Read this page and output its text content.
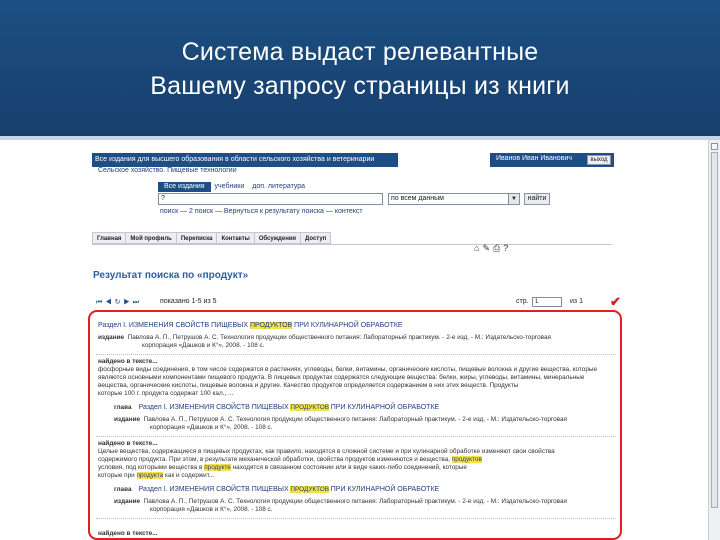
Система выдаст релевантные
Вашему запросу страницы из книги
Все издания для высшего образования в области сельского хозяйства и ветеринарии
Сельское хозяйство. Пищевые технологии
Иванов Иван Иванович	выход
Все издания учебники доп. литература
?	по всем данным	▼	найти
поиск — 2 поиск — Вернуться к результату поиска — контекст
Главная	Мой профиль	Переписка	Контакты	Обсуждения	Доступ
⌂✎⎙?
Результат поиска по «продукт»
⏮◀↻▶⏭	показано 1-5 из 5	стр.	1	из 1 ✔
Раздел I. ИЗМЕНЕНИЯ СВОЙСТВ ПИЩЕВЫХ ПРОДУКТОВ ПРИ КУЛИНАРНОЙ ОБРАБОТКЕ
издание Павлова А. П., Петрушов А. С. Технология продукции общественного питания: Лабораторный практикум. - 2-е изд. - М.: Издательско-торговая
корпорация «Дашков и К°», 2008. - 108 с.
найдено в тексте...
фосфорные виды соединения, в том числе содержатся в растениях, углеводы, белки, витамины, органические кислоты, пищевые волокна и другие вещества, которые
являются основными компонентами пищевого продукта. В пищевых продуктах содержатся следующие вещества: белки, жиры, углеводы, витамины, минеральные
вещества, органические кислоты, пищевые волокна и другие. Качество продуктов определяется содержанием в них этих веществ. Продукты
которые 100 г. продукта содержат 100 кал., ...
глава Раздел I. ИЗМЕНЕНИЯ СВОЙСТВ ПИЩЕВЫХ ПРОДУКТОВ ПРИ КУЛИНАРНОЙ ОБРАБОТКЕ
издание Павлова А. П., Петрушов А. С. Технология продукции общественного питания: Лабораторный практикум. - 2-е изд. - М.: Издательско-торговая
корпорация «Дашков и К°», 2008. - 108 с.
найдено в тексте...
Целые вещества, содержащиеся в пищевых продуктах, как правило, находятся в сложной системе и при кулинарной обработке изменяют свои свойства
содержимого продукта. При этом, в результате механической обработки, свойства продуктов изменяются и вещества, продуктов
условия, под которыми вещества в продукте находятся в связанном состоянии или в виде каких-либо соединений, которые
которые при продукта как и содержит...
глава Раздел I. ИЗМЕНЕНИЯ СВОЙСТВ ПИЩЕВЫХ ПРОДУКТОВ ПРИ КУЛИНАРНОЙ ОБРАБОТКЕ
издание Павлова А. П., Петрушов А. С. Технология продукции общественного питания: Лабораторный практикум. - 2-е изд. - М.: Издательско-торговая
корпорация «Дашков и К°», 2008. - 108 с.
найдено в тексте...
